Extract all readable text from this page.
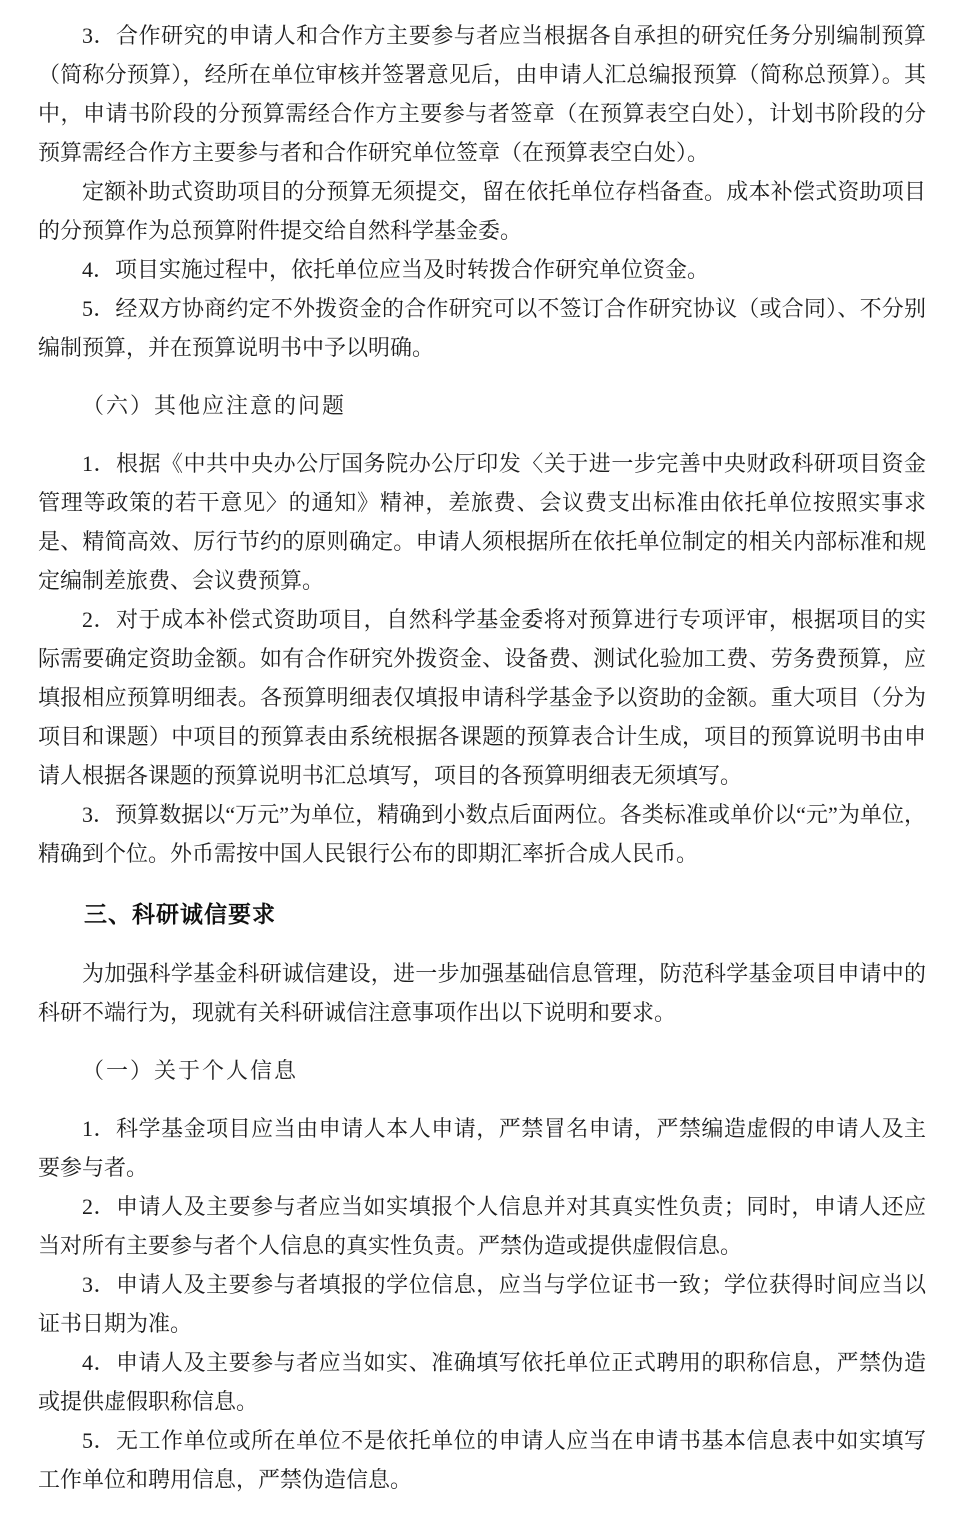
3．合作研究的申请人和合作方主要参与者应当根据各自承担的研究任务分别编制预算（简称分预算），经所在单位审核并签署意见后，由申请人汇总编报预算（简称总预算）。其中，申请书阶段的分预算需经合作方主要参与者签章（在预算表空白处），计划书阶段的分预算需经合作方主要参与者和合作研究单位签章（在预算表空白处）。

定额补助式资助项目的分预算无须提交，留在依托单位存档备查。成本补偿式资助项目的分预算作为总预算附件提交给自然科学基金委。

4．项目实施过程中，依托单位应当及时转拨合作研究单位资金。

5．经双方协商约定不外拨资金的合作研究可以不签订合作研究协议（或合同）、不分别编制预算，并在预算说明书中予以明确。

（六）其他应注意的问题

1．根据《中共中央办公厅国务院办公厅印发〈关于进一步完善中央财政科研项目资金管理等政策的若干意见〉的通知》精神，差旅费、会议费支出标准由依托单位按照实事求是、精简高效、厉行节约的原则确定。申请人须根据所在依托单位制定的相关内部标准和规定编制差旅费、会议费预算。

2．对于成本补偿式资助项目，自然科学基金委将对预算进行专项评审，根据项目的实际需要确定资助金额。如有合作研究外拨资金、设备费、测试化验加工费、劳务费预算，应填报相应预算明细表。各预算明细表仅填报申请科学基金予以资助的金额。重大项目（分为项目和课题）中项目的预算表由系统根据各课题的预算表合计生成，项目的预算说明书由申请人根据各课题的预算说明书汇总填写，项目的各预算明细表无须填写。

3．预算数据以“万元”为单位，精确到小数点后面两位。各类标准或单价以“元”为单位，精确到个位。外币需按中国人民银行公布的即期汇率折合成人民币。

三、科研诚信要求

为加强科学基金科研诚信建设，进一步加强基础信息管理，防范科学基金项目申请中的科研不端行为，现就有关科研诚信注意事项作出以下说明和要求。

（一）关于个人信息

1．科学基金项目应当由申请人本人申请，严禁冒名申请，严禁编造虚假的申请人及主要参与者。

2．申请人及主要参与者应当如实填报个人信息并对其真实性负责；同时，申请人还应当对所有主要参与者个人信息的真实性负责。严禁伪造或提供虚假信息。

3．申请人及主要参与者填报的学位信息，应当与学位证书一致；学位获得时间应当以证书日期为准。

4．申请人及主要参与者应当如实、准确填写依托单位正式聘用的职称信息，严禁伪造或提供虚假职称信息。

5．无工作单位或所在单位不是依托单位的申请人应当在申请书基本信息表中如实填写工作单位和聘用信息，严禁伪造信息。
